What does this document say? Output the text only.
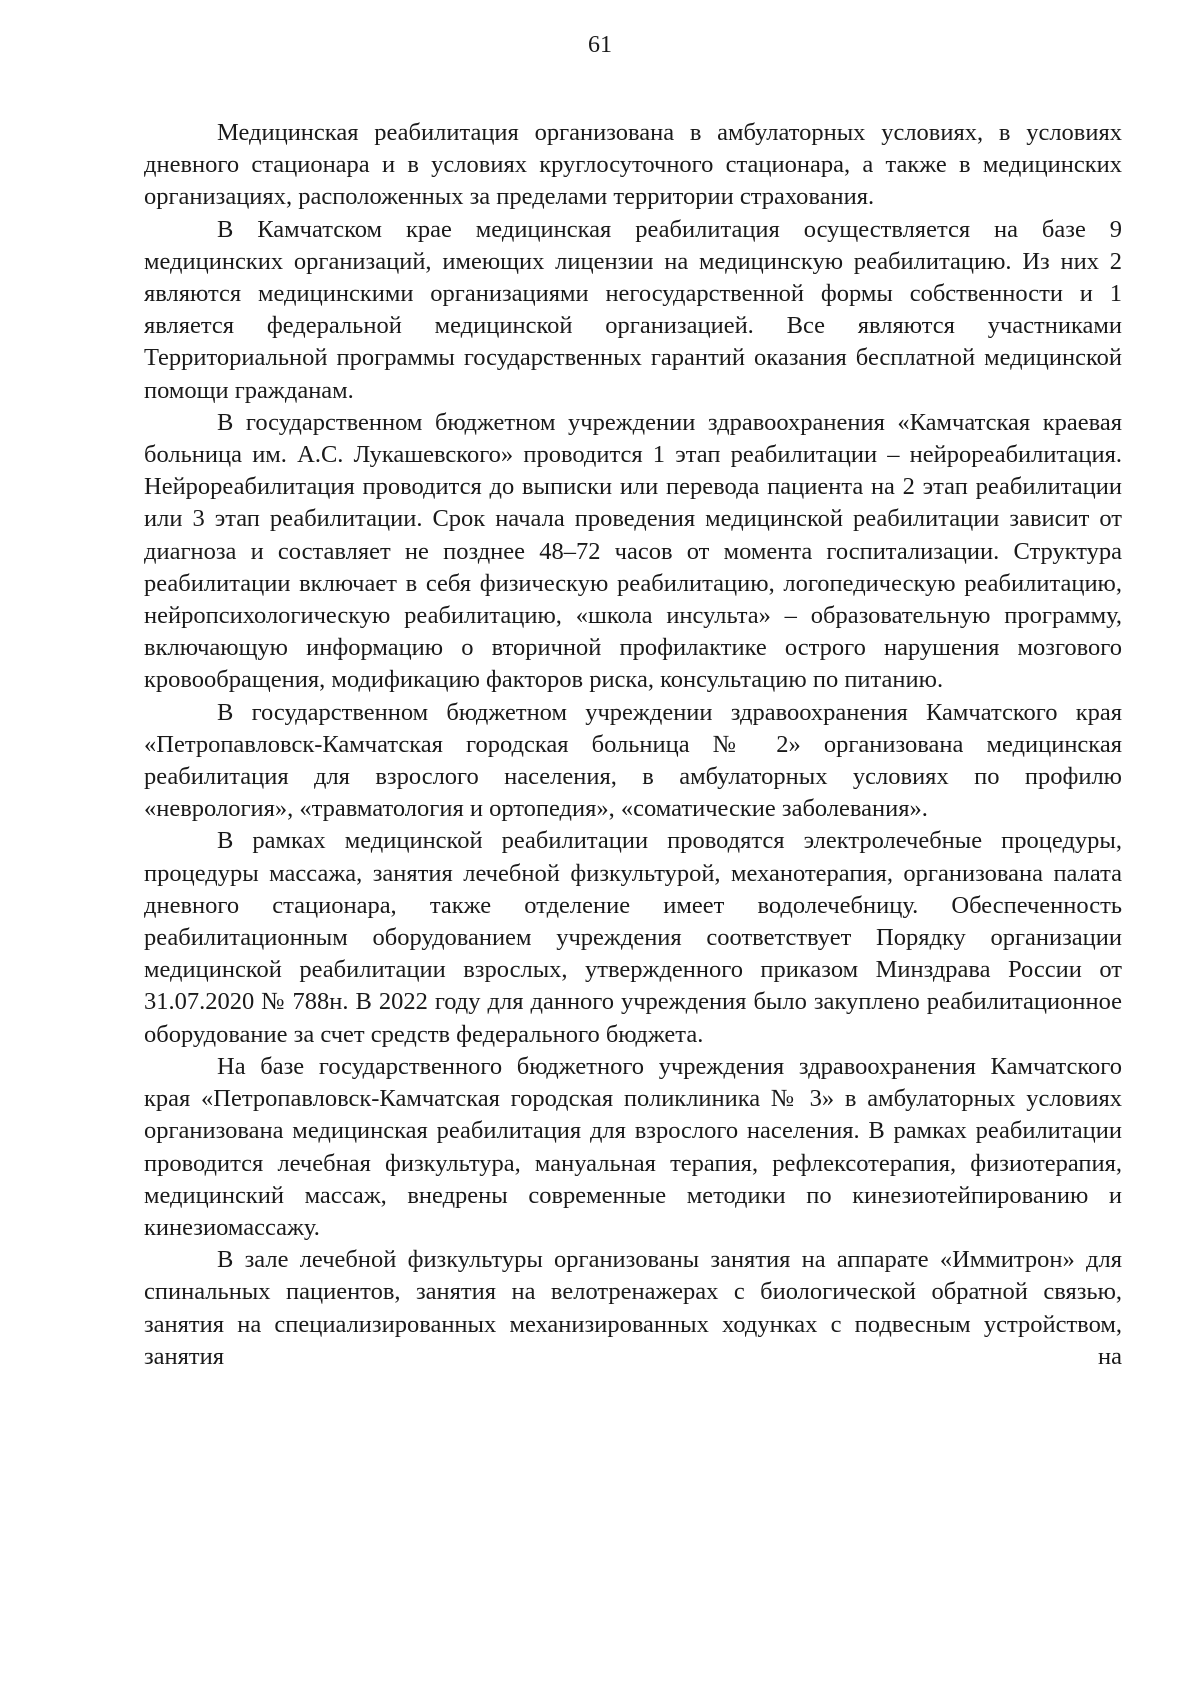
61

Медицинская реабилитация организована в амбулаторных условиях, в условиях дневного стационара и в условиях круглосуточного стационара, а также в медицинских организациях, расположенных за пределами территории страхования.

В Камчатском крае медицинская реабилитация осуществляется на базе 9 медицинских организаций, имеющих лицензии на медицинскую реабилитацию. Из них 2 являются медицинскими организациями негосударственной формы собственности и 1 является федеральной медицинской организацией. Все являются участниками Территориальной программы государственных гарантий оказания бесплатной медицинской помощи гражданам.

В государственном бюджетном учреждении здравоохранения «Камчатская краевая больница им. А.С. Лукашевского» проводится 1 этап реабилитации – нейрореабилитация. Нейрореабилитация проводится до выписки или перевода пациента на 2 этап реабилитации или 3 этап реабилитации. Срок начала проведения медицинской реабилитации зависит от диагноза и составляет не позднее 48–72 часов от момента госпитализации. Структура реабилитации включает в себя физическую реабилитацию, логопедическую реабилитацию, нейропсихологическую реабилитацию, «школа инсульта» – образовательную программу, включающую информацию о вторичной профилактике острого нарушения мозгового кровообращения, модификацию факторов риска, консультацию по питанию.

В государственном бюджетном учреждении здравоохранения Камчатского края «Петропавловск-Камчатская городская больница № 2» организована медицинская реабилитация для взрослого населения, в амбулаторных условиях по профилю «неврология», «травматология и ортопедия», «соматические заболевания».

В рамках медицинской реабилитации проводятся электролечебные процедуры, процедуры массажа, занятия лечебной физкультурой, механотерапия, организована палата дневного стационара, также отделение имеет водолечебницу. Обеспеченность реабилитационным оборудованием учреждения соответствует Порядку организации медицинской реабилитации взрослых, утвержденного приказом Минздрава России от 31.07.2020 № 788н. В 2022 году для данного учреждения было закуплено реабилитационное оборудование за счет средств федерального бюджета.

На базе государственного бюджетного учреждения здравоохранения Камчатского края «Петропавловск-Камчатская городская поликлиника № 3» в амбулаторных условиях организована медицинская реабилитация для взрослого населения. В рамках реабилитации проводится лечебная физкультура, мануальная терапия, рефлексотерапия, физиотерапия, медицинский массаж, внедрены современные методики по кинезиотейпированию и кинезиомассажу.

В зале лечебной физкультуры организованы занятия на аппарате «Иммитрон» для спинальных пациентов, занятия на велотренажерах с биологической обратной связью, занятия на специализированных механизированных ходунках с подвесным устройством, занятия на
